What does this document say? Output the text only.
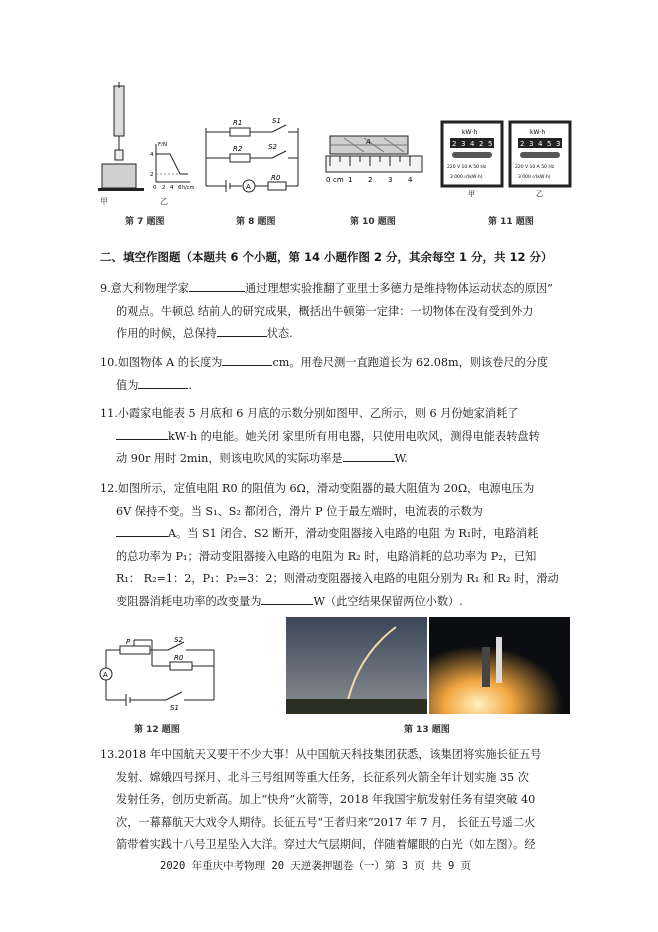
F/N
4
2
0 2 4 6 h/cm
甲	乙
第 7 题图
R1	S1
R2	S2
A
R0
第 8 题图
A
0 cm 1 2 3 4
第 10 题图
kW·h
2 3 4 2 5
220 V 10 A 50 Hz
3 000 r/(kW·h)
甲
kW·h
2 3 4 5 3
220 V 10 A 50 Hz
3 000 r/(kW·h)
乙
第 11 题图
二、填空作图题（本题共 6 个小题，第 14 小题作图 2 分，其余每空 1 分，共 12 分）

9.意大利物理学家	通过理想实验推翻了亚里士多德力是维持物体运动状态的原因”

的观点。牛顿总 结前人的研究成果，概括出牛顿第一定律：一切物体在没有受到外力

作用的时候，总保持	状态.

10.如图物体 A 的长度为	cm。用卷尺测一直跑道长为 62.08m，则该卷尺的分度

值为	.

11.小霞家电能表 5 月底和 6 月底的示数分别如图甲、乙所示，则 6 月份她家消耗了

kW·h 的电能。她关闭 家里所有用电器，只使用电吹风，测得电能表转盘转

动 90r 用时 2min，则该电吹风的实际功率是	W.

12.如图所示，定值电阻 R0 的阻值为 6Ω，滑动变阻器的最大阻值为 20Ω，电源电压为

6V 保持不变。当 S₁、S₂ 都闭合，滑片 P 位于最左端时，电流表的示数为

A。当 S1 闭合、S2 断开，滑动变阻器接入电路的电阻 为 R₁时，电路消耗

的总功率为 P₁；滑动变阻器接入电路的电阻为 R₂ 时，电路消耗的总功率为 P₂，已知

R₁： R₂=1：2，P₁：P₂=3：2；则滑动变阻器接入电路的电阻分别为 R₁ 和 R₂ 时，滑动

变阻器消耗电功率的改变量为	W（此空结果保留两位小数）.

P	S2
R0
A
S1
第 12 题图	第 13 题图

13.2018 年中国航天又要干不少大事！从中国航天科技集团获悉，该集团将实施长征五号

发射、嫦娥四号探月、北斗三号组网等重大任务，长征系列火箭全年计划实施 35 次

发射任务，创历史新高。加上“快舟”火箭等，2018 年我国宇航发射任务有望突破 40

次，一幕幕航天大戏令人期待。长征五号“王者归来”2017 年 7 月， 长征五号遥二火

箭带着实践十八号卫星坠入大洋。穿过大气层期间，伴随着耀眼的白光（如左图）。经

2020 年重庆中考物理 20 天逆袭押题卷（一）第 3 页 共 9 页
